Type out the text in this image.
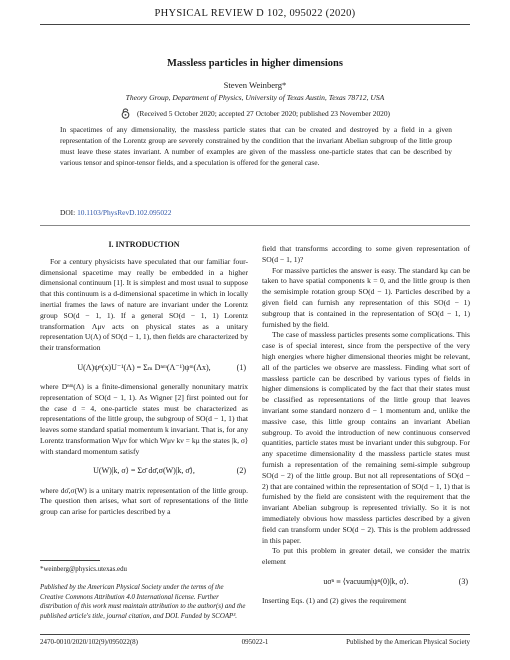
PHYSICAL REVIEW D 102, 095022 (2020)
Massless particles in higher dimensions
Steven Weinberg*
Theory Group, Department of Physics, University of Texas Austin, Texas 78712, USA
(Received 5 October 2020; accepted 27 October 2020; published 23 November 2020)
In spacetimes of any dimensionality, the massless particle states that can be created and destroyed by a field in a given representation of the Lorentz group are severely constrained by the condition that the invariant Abelian subgroup of the little group must leave these states invariant. A number of examples are given of the massless one-particle states that can be described by various tensor and spinor-tensor fields, and a speculation is offered for the general case.
DOI: 10.1103/PhysRevD.102.095022
I. INTRODUCTION

For a century physicists have speculated that our familiar four-dimensional spacetime may really be embedded in a higher dimensional continuum [1]. It is simplest and most usual to suppose that this continuum is a d-dimensional spacetime in which in locally inertial frames the laws of nature are invariant under the Lorentz group SO(d − 1, 1). If a general SO(d − 1, 1) Lorentz transformation Λμν acts on physical states as a unitary representation U(Λ) of SO(d − 1, 1), then fields are characterized by their transformation

U(Λ)ψⁿ(x)U⁻¹(Λ) = Σₘ Dⁿᵐ(Λ⁻¹)ψᵐ(Λx),	(1)

where Dⁿᵐ(Λ) is a finite-dimensional generally nonunitary matrix representation of SO(d − 1, 1). As Wigner [2] first pointed out for the case d = 4, one-particle states must be characterized as representations of the little group, the subgroup of SO(d − 1, 1) that leaves some standard spatial momentum k invariant. That is, for any Lorentz transformation Wμν for which Wμν kν = kμ the states |k, σ⟩ with standard momentum satisfy

U(W)|k, σ⟩ = Σσ̄ dσ̄,σ(W)|k, σ̄⟩,	(2)

where dσ̄,σ(W) is a unitary matrix representation of the little group. The question then arises, what sort of representations of the little group can arise for particles described by a

field that transforms according to some given representation of SO(d − 1, 1)?

For massive particles the answer is easy. The standard kμ can be taken to have spatial components k = 0, and the little group is then the semisimple rotation group SO(d − 1). Particles described by a given field can furnish any representation of this SO(d − 1) subgroup that is contained in the representation of SO(d − 1, 1) furnished by the field.

The case of massless particles presents some complications. This case is of special interest, since from the perspective of the very high energies where higher dimensional theories might be relevant, all of the particles we observe are massless. Finding what sort of massless particle can be described by various types of fields in higher dimensions is complicated by the fact that their states must be classified as representations of the little group that leaves invariant some standard nonzero d − 1 momentum and, unlike the massive case, this little group contains an invariant Abelian subgroup. To avoid the introduction of new continuous conserved quantities, particle states must be invariant under this subgroup. For any spacetime dimensionality d the massless particle states must furnish a representation of the remaining semi-simple subgroup SO(d − 2) of the little group. But not all representations of SO(d − 2) that are contained within the representation of SO(d − 1, 1) that is furnished by the field are consistent with the requirement that the invariant Abelian subgroup is represented trivially. So it is not immediately obvious how massless particles described by a given field can transform under SO(d − 2). This is the problem addressed in this paper.

To put this problem in greater detail, we consider the matrix element

uσⁿ ≡ ⟨vacuum|ψⁿ(0)|k, σ⟩.	(3)

Inserting Eqs. (1) and (2) gives the requirement

*weinberg@physics.utexas.edu
Published by the American Physical Society under the terms of the Creative Commons Attribution 4.0 International license. Further distribution of this work must maintain attribution to the author(s) and the published article's title, journal citation, and DOI. Funded by SCOAP³.
2470-0010/2020/102(9)/095022(8)	095022-1	Published by the American Physical Society
